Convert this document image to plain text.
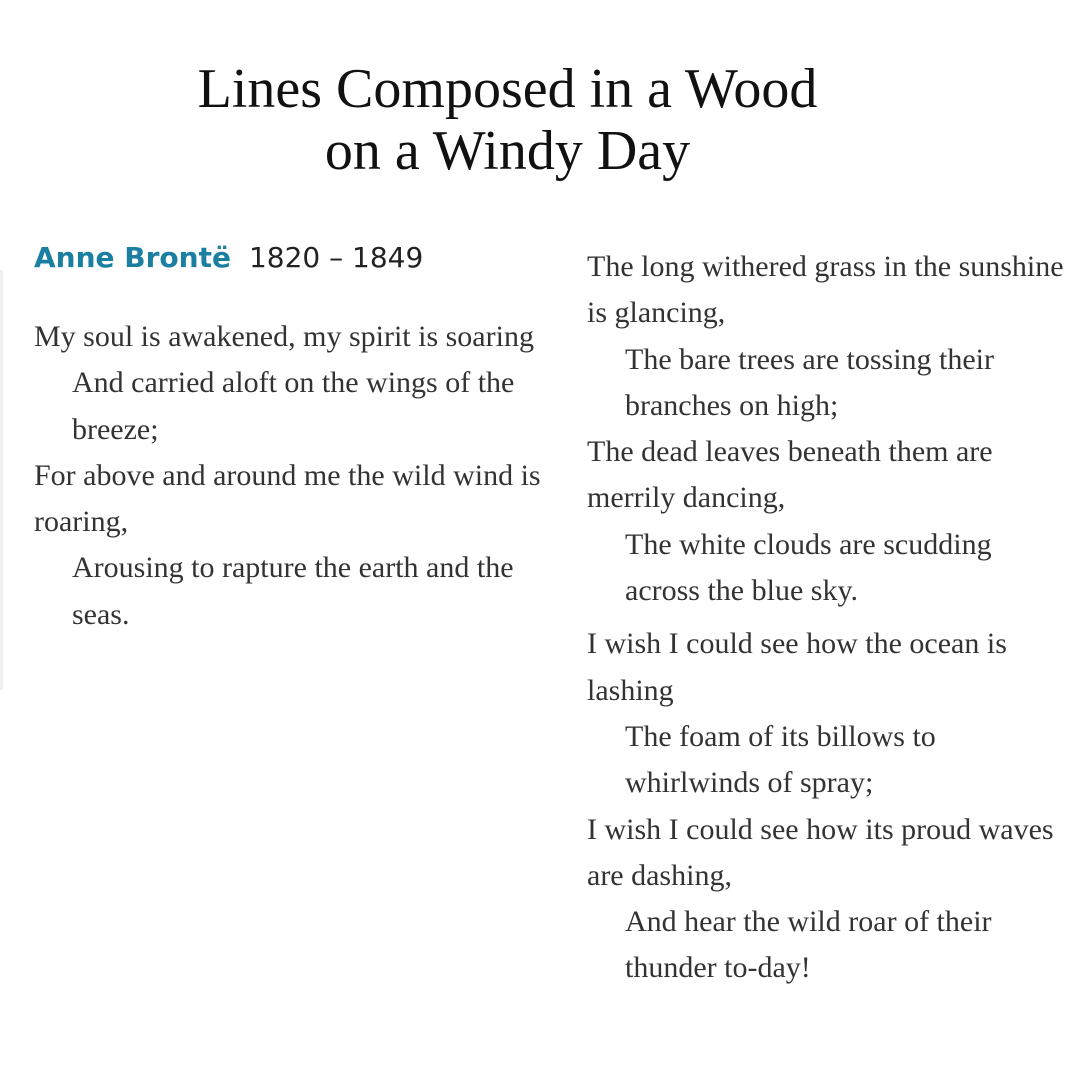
Lines Composed in a Wood
on a Windy Day
Anne Brontë 1820 – 1849

My soul is awakened, my spirit is soaring
And carried aloft on the wings of the breeze;
For above and around me the wild wind is roaring,
Arousing to rapture the earth and the seas.

The long withered grass in the sunshine is glancing,
The bare trees are tossing their branches on high;
The dead leaves beneath them are merrily dancing,
The white clouds are scudding across the blue sky.

I wish I could see how the ocean is lashing
The foam of its billows to whirlwinds of spray;
I wish I could see how its proud waves are dashing,
And hear the wild roar of their thunder to-day!
